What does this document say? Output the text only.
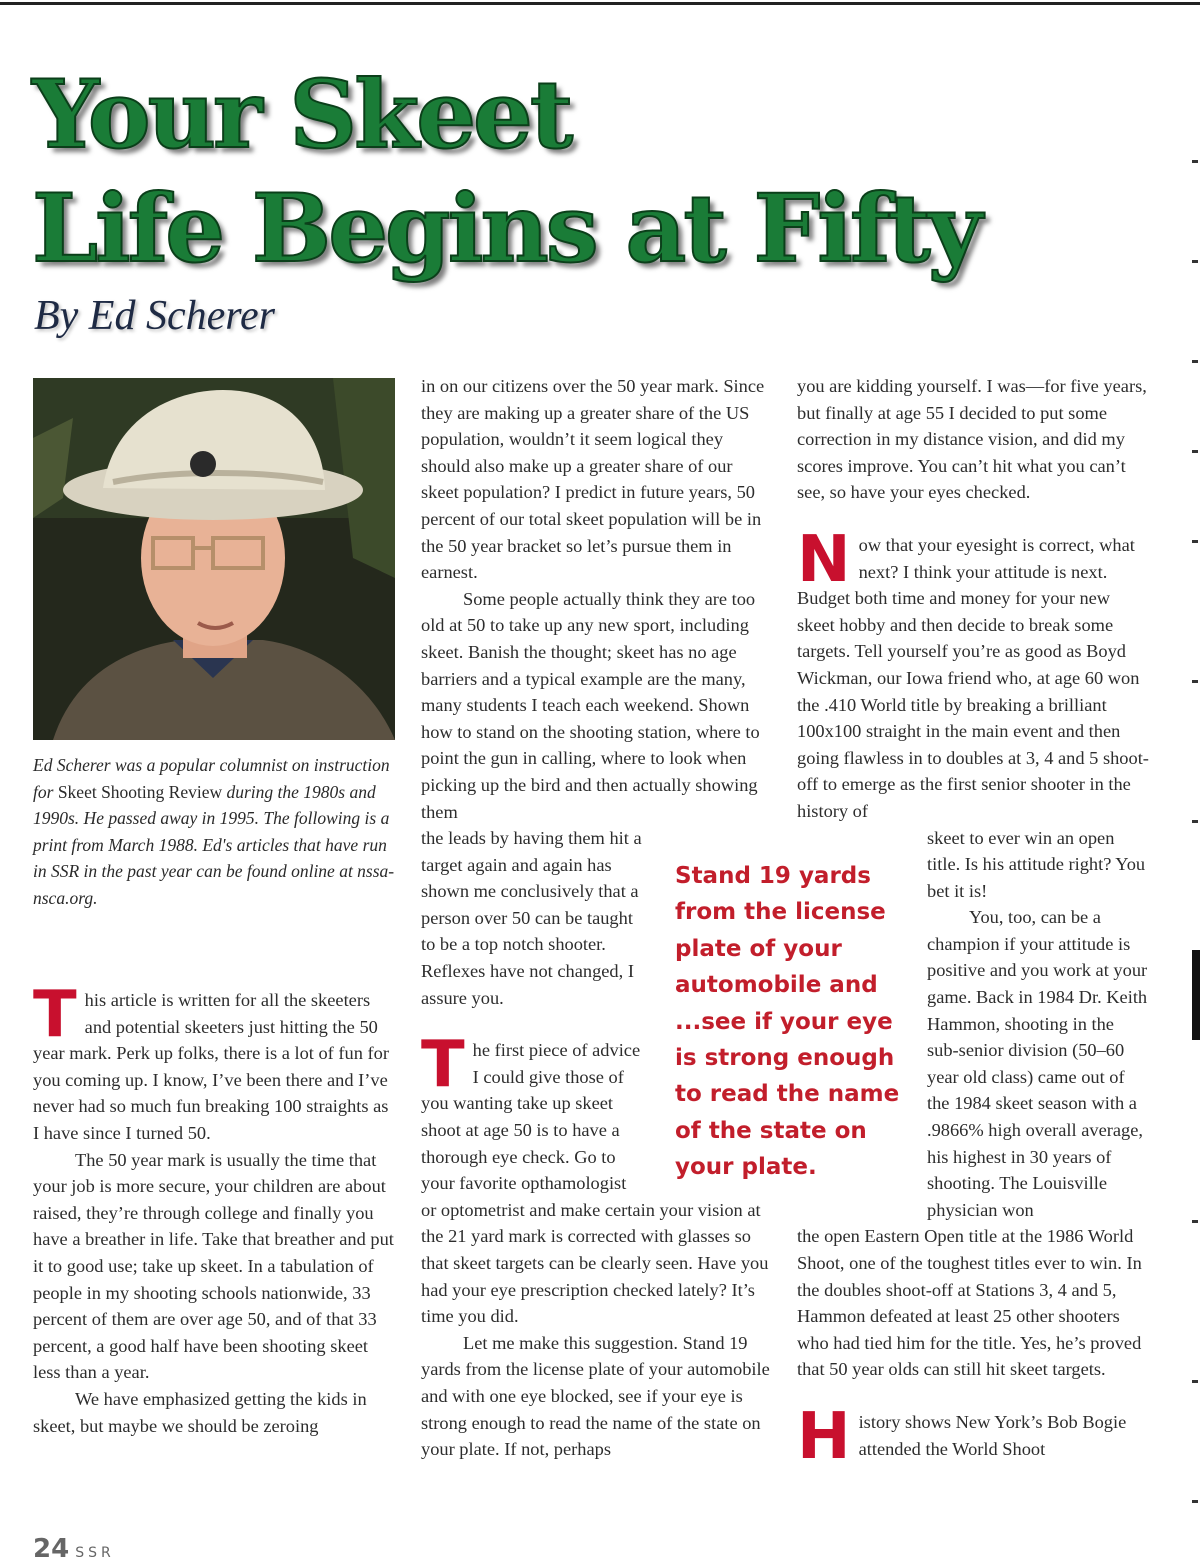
Your Skeet
Life Begins at Fifty
By Ed Scherer
Ed Scherer was a popular columnist on instruction for Skeet Shooting Review during the 1980s and 1990s. He passed away in 1995. The following is a print from March 1988. Ed's articles that have run in SSR in the past year can be found online at nssa-nsca.org.

This article is written for all the skeeters and potential skeeters just hitting the 50 year mark. Perk up folks, there is a lot of fun for you coming up. I know, I’ve been there and I’ve never had so much fun breaking 100 straights as I have since I turned 50.

The 50 year mark is usually the time that your job is more secure, your children are about raised, they’re through college and finally you have a breather in life. Take that breather and put it to good use; take up skeet. In a tabulation of people in my shooting schools nationwide, 33 percent of them are over age 50, and of that 33 percent, a good half have been shooting skeet less than a year.

We have emphasized getting the kids in skeet, but maybe we should be zeroing

in on our citizens over the 50 year mark. Since they are making up a greater share of the US population, wouldn’t it seem logical they should also make up a greater share of our skeet population? I predict in future years, 50 percent of our total skeet population will be in the 50 year bracket so let’s pursue them in earnest.

Some people actually think they are too old at 50 to take up any new sport, including skeet. Banish the thought; skeet has no age barriers and a typical example are the many, many students I teach each weekend. Shown how to stand on the shooting station, where to point the gun in calling, where to look when picking up the bird and then actually showing them

the leads by having them hit a target again and again has shown me conclusively that a person over 50 can be taught to be a top notch shooter. Reflexes have not changed, I assure you.

The first piece of advice I could give those of you wanting take up skeet shoot at age 50 is to have a thorough eye check. Go to your favorite opthamologist

or optometrist and make certain your vision at the 21 yard mark is corrected with glasses so that skeet targets can be clearly seen. Have you had your eye prescription checked lately? It’s time you did.

Let me make this suggestion. Stand 19 yards from the license plate of your automobile and with one eye blocked, see if your eye is strong enough to read the name of the state on your plate. If not, perhaps

Stand 19 yards from the license plate of your automobile and ...see if your eye is strong enough to read the name of the state on your plate.

you are kidding yourself. I was—for five years, but finally at age 55 I decided to put some correction in my distance vision, and did my scores improve. You can’t hit what you can’t see, so have your eyes checked.

Now that your eyesight is correct, what next? I think your attitude is next. Budget both time and money for your new skeet hobby and then decide to break some targets. Tell yourself you’re as good as Boyd Wickman, our Iowa friend who, at age 60 won the .410 World title by breaking a brilliant 100x100 straight in the main event and then going flawless in to doubles at 3, 4 and 5 shoot-off to emerge as the first senior shooter in the history of

skeet to ever win an open title. Is his attitude right? You bet it is!

You, too, can be a champion if your attitude is positive and you work at your game. Back in 1984 Dr. Keith Hammon, shooting in the sub-senior division (50–60 year old class) came out of the 1984 skeet season with a .9866% high overall average, his highest in 30 years of shooting. The Louisville physician won

the open Eastern Open title at the 1986 World Shoot, one of the toughest titles ever to win. In the doubles shoot-off at Stations 3, 4 and 5, Hammon defeated at least 25 other shooters who had tied him for the title. Yes, he’s proved that 50 year olds can still hit skeet targets.

History shows New York’s Bob Bogie attended the World Shoot

24 SSR
